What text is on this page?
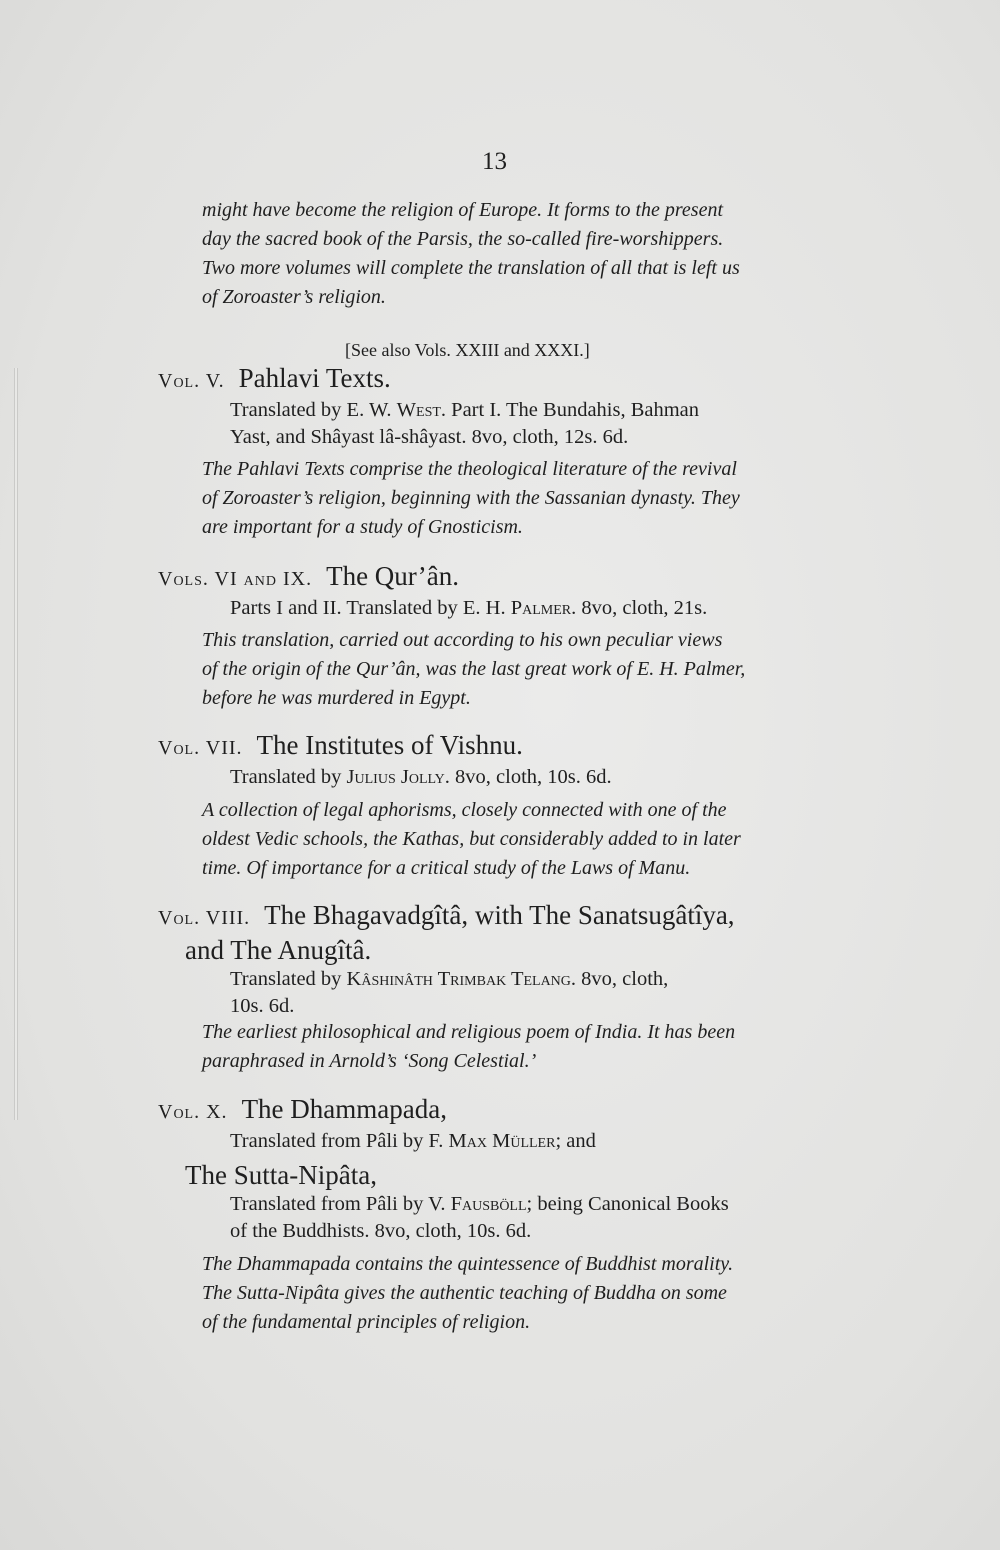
13

might have become the religion of Europe. It forms to the present

day the sacred book of the Parsis, the so-called fire-worshippers.

Two more volumes will complete the translation of all that is left us

of Zoroaster’s religion.

[See also Vols. XXIII and XXXI.]
Vol. V. Pahlavi Texts.
Translated by E. W. West. Part I. The Bundahis, Bahman
Yast, and Shâyast lâ-shâyast. 8vo, cloth, 12s. 6d.

The Pahlavi Texts comprise the theological literature of the revival

of Zoroaster’s religion, beginning with the Sassanian dynasty. They

are important for a study of Gnosticism.

Vols. VI and IX. The Qur’ân.
Parts I and II. Translated by E. H. Palmer. 8vo, cloth, 21s.

This translation, carried out according to his own peculiar views

of the origin of the Qur’ân, was the last great work of E. H. Palmer,

before he was murdered in Egypt.

Vol. VII. The Institutes of Vishnu.
Translated by Julius Jolly. 8vo, cloth, 10s. 6d.

A collection of legal aphorisms, closely connected with one of the

oldest Vedic schools, the Kathas, but considerably added to in later

time. Of importance for a critical study of the Laws of Manu.

Vol. VIII. The Bhagavadgîtâ, with The Sanatsugâtîya,
and The Anugîtâ.
Translated by Kâshinâth Trimbak Telang. 8vo, cloth,
10s. 6d.

The earliest philosophical and religious poem of India. It has been

paraphrased in Arnold’s ‘Song Celestial.’

Vol. X. The Dhammapada,
Translated from Pâli by F. Max Müller; and
The Sutta-Nipâta,
Translated from Pâli by V. Fausböll; being Canonical Books
of the Buddhists. 8vo, cloth, 10s. 6d.

The Dhammapada contains the quintessence of Buddhist morality.

The Sutta-Nipâta gives the authentic teaching of Buddha on some

of the fundamental principles of religion.
